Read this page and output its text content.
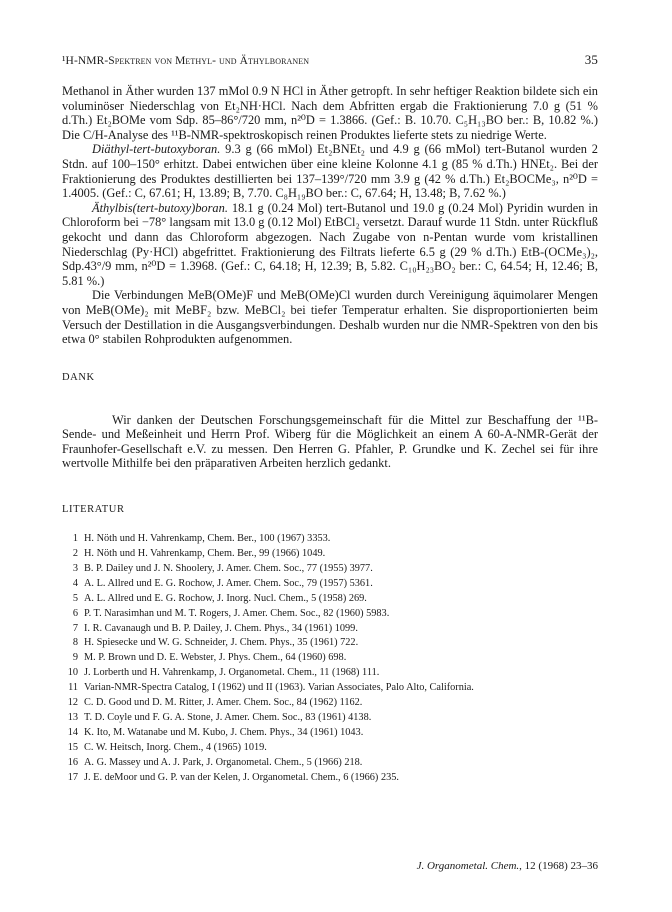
¹H-NMR-Spektren von Methyl- und Äthylboranen	35

Methanol in Äther wurden 137 mMol 0.9 N HCl in Äther getropft. In sehr heftiger Reaktion bildete sich ein voluminöser Niederschlag von Et₂NH·HCl. Nach dem Abfritten ergab die Fraktionierung 7.0 g (51 % d.Th.) Et₂BOMe vom Sdp. 85–86°/720 mm, n²⁰D = 1.3866. (Gef.: B. 10.70. C₅H₁₃BO ber.: B, 10.82 %.) Die C/H-Analyse des ¹¹B-NMR-spektroskopisch reinen Produktes lieferte stets zu niedrige Werte.

Diäthyl-tert-butoxyboran. 9.3 g (66 mMol) Et₂BNEt₂ und 4.9 g (66 mMol) tert-Butanol wurden 2 Stdn. auf 100–150° erhitzt. Dabei entwichen über eine kleine Kolonne 4.1 g (85 % d.Th.) HNEt₂. Bei der Fraktionierung des Produktes destillierten bei 137–139°/720 mm 3.9 g (42 % d.Th.) Et₂BOCMe₃, n²⁰D = 1.4005. (Gef.: C, 67.61; H, 13.89; B, 7.70. C₈H₁₉BO ber.: C, 67.64; H, 13.48; B, 7.62 %.)

Äthylbis(tert-butoxy)boran. 18.1 g (0.24 Mol) tert-Butanol und 19.0 g (0.24 Mol) Pyridin wurden in Chloroform bei −78° langsam mit 13.0 g (0.12 Mol) EtBCl₂ versetzt. Darauf wurde 11 Stdn. unter Rückfluß gekocht und dann das Chloroform abgezogen. Nach Zugabe von n-Pentan wurde vom kristallinen Niederschlag (Py·HCl) abgefrittet. Fraktionierung des Filtrats lieferte 6.5 g (29 % d.Th.) EtB-(OCMe₃)₂, Sdp.43°/9 mm, n²⁰D = 1.3968. (Gef.: C, 64.18; H, 12.39; B, 5.82. C₁₀H₂₃BO₂ ber.: C, 64.54; H, 12.46; B, 5.81 %.)

Die Verbindungen MeB(OMe)F und MeB(OMe)Cl wurden durch Vereinigung äquimolarer Mengen von MeB(OMe)₂ mit MeBF₂ bzw. MeBCl₂ bei tiefer Temperatur erhalten. Sie disproportionierten beim Versuch der Destillation in die Ausgangsverbindungen. Deshalb wurden nur die NMR-Spektren von den bis etwa 0° stabilen Rohprodukten aufgenommen.

DANK

Wir danken der Deutschen Forschungsgemeinschaft für die Mittel zur Beschaffung der ¹¹B-Sende- und Meßeinheit und Herrn Prof. Wiberg für die Möglichkeit an einem A 60-A-NMR-Gerät der Fraunhofer-Gesellschaft e.V. zu messen. Den Herren G. Pfahler, P. Grundke und K. Zechel sei für ihre wertvolle Mithilfe bei den präparativen Arbeiten herzlich gedankt.

LITERATUR
1 H. Nöth und H. Vahrenkamp, Chem. Ber., 100 (1967) 3353.
2 H. Nöth und H. Vahrenkamp, Chem. Ber., 99 (1966) 1049.
3 B. P. Dailey und J. N. Shoolery, J. Amer. Chem. Soc., 77 (1955) 3977.
4 A. L. Allred und E. G. Rochow, J. Amer. Chem. Soc., 79 (1957) 5361.
5 A. L. Allred und E. G. Rochow, J. Inorg. Nucl. Chem., 5 (1958) 269.
6 P. T. Narasimhan und M. T. Rogers, J. Amer. Chem. Soc., 82 (1960) 5983.
7 I. R. Cavanaugh und B. P. Dailey, J. Chem. Phys., 34 (1961) 1099.
8 H. Spiesecke und W. G. Schneider, J. Chem. Phys., 35 (1961) 722.
9 M. P. Brown und D. E. Webster, J. Phys. Chem., 64 (1960) 698.
10 J. Lorberth und H. Vahrenkamp, J. Organometal. Chem., 11 (1968) 111.
11 Varian-NMR-Spectra Catalog, I (1962) und II (1963). Varian Associates, Palo Alto, California.
12 C. D. Good und D. M. Ritter, J. Amer. Chem. Soc., 84 (1962) 1162.
13 T. D. Coyle und F. G. A. Stone, J. Amer. Chem. Soc., 83 (1961) 4138.
14 K. Ito, M. Watanabe und M. Kubo, J. Chem. Phys., 34 (1961) 1043.
15 C. W. Heitsch, Inorg. Chem., 4 (1965) 1019.
16 A. G. Massey und A. J. Park, J. Organometal. Chem., 5 (1966) 218.
17 J. E. deMoor und G. P. van der Kelen, J. Organometal. Chem., 6 (1966) 235.
J. Organometal. Chem., 12 (1968) 23–36
